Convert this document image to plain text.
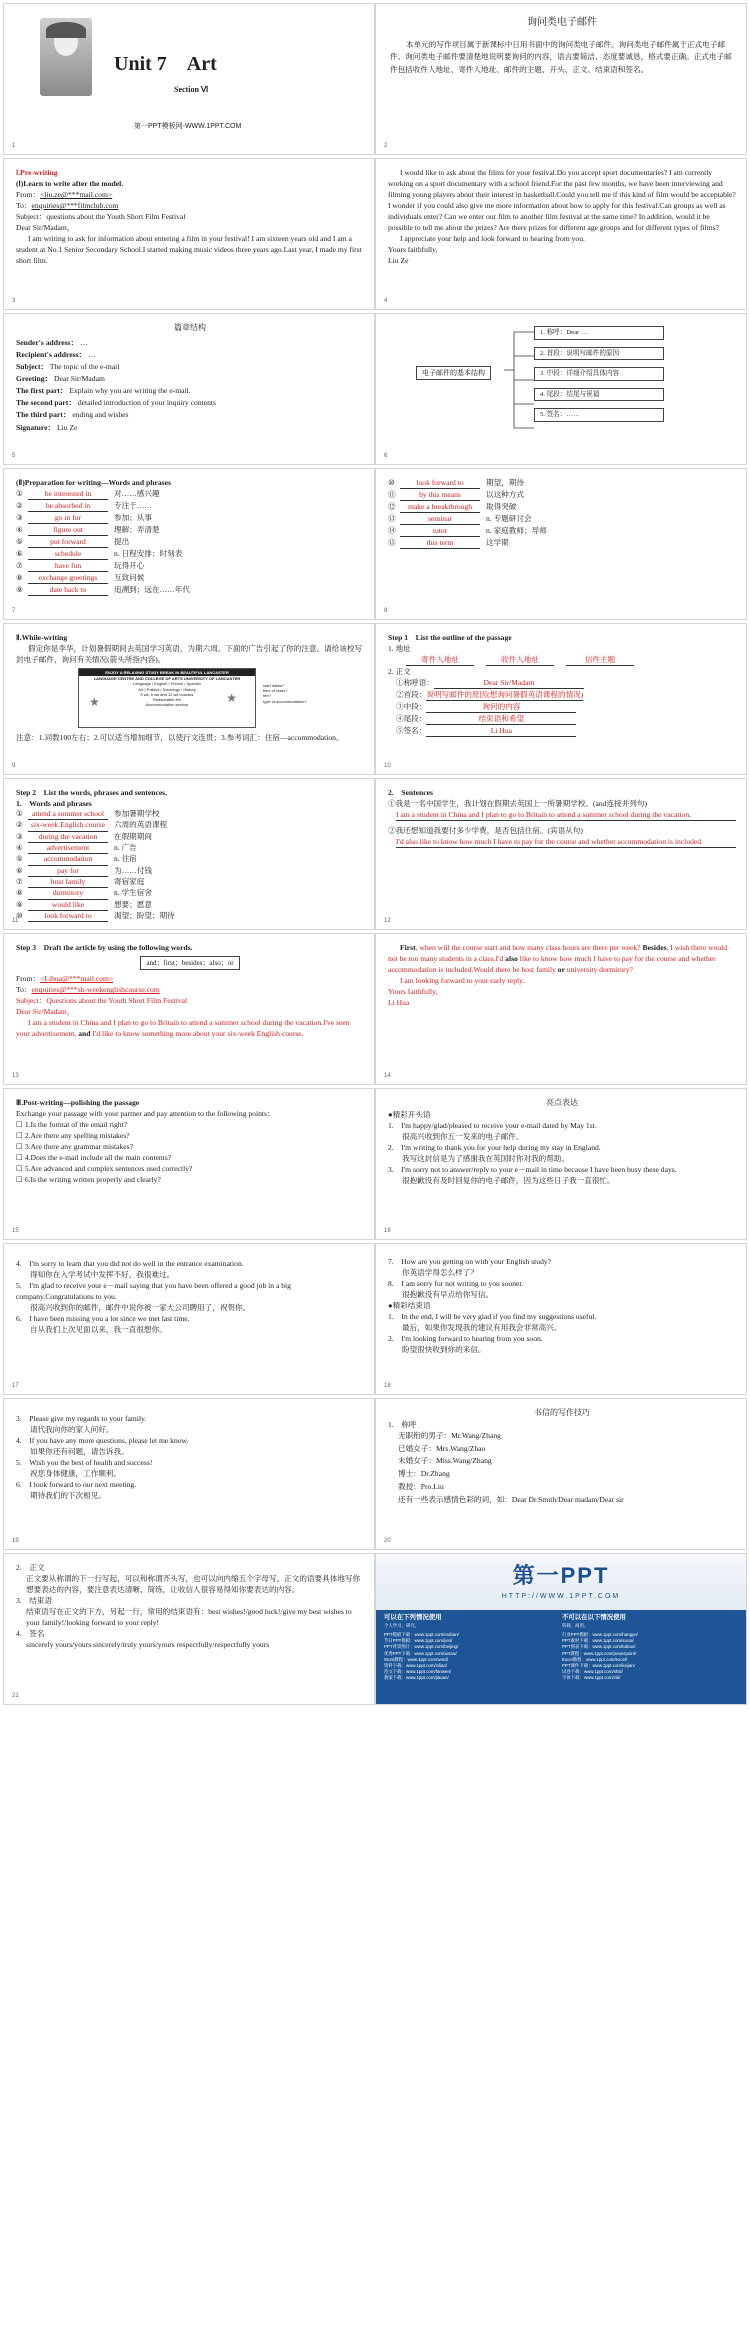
Unit 7　Art
Section Ⅵ
第一PPT模板网-WWW.1PPT.COM
1
询问类电子邮件

本单元的写作项目属于新课标中日用书面中的询问类电子邮件。询问类电子邮件属于正式电子邮件。询问类电子邮件要清楚地说明要询问的内容，语言要简洁、态度要诚恳，格式要正确。正式电子邮件包括收件人地址、寄件人地址、邮件的主题、开头、正文、结束语和签名。

2
Ⅰ.Pre-writing
(Ⅰ)Learn to write after the model.
From：<liu.ze@***mail.com>
To：enquiries@***filmclub.com
Subject：questions about the Youth Short Film Festival
Dear Sir/Madam，

I am writing to ask for information about entering a film in your festival! I am sixteen years old and I am a student at No.1 Senior Secondary School.I started making music videos three years ago.Last year, I made my first short film.

3

I would like to ask about the films for your festival.Do you accept sport documentaries? I am currently working on a sport documentary with a school friend.For the past few months, we have been interviewing and filming young players about their interest in basketball.Could you tell me if this kind of film would be acceptable? I wonder if you could also give me more information about how to apply for this festival.Can groups as well as individuals enter? Can we enter our film to another film festival at the same time? In addition, would it be possible to tell me about the prizes? Are there prizes for different age groups and for different types of films?

I appreciate your help and look forward to hearing from you.

Yours faithfully,
Liu Ze
4
篇章结构
Sender's address： …
Recipient's address： …
Subject： The topic of the e-mail
Greeting： Dear Sir/Madam
The first part： Explain why you are writing the e-mail.
The second part： detailed introduction of your inquiry contents
The third part： ending and wishes
Signature： Liu Ze
5
电子邮件的基本结构
1. 称呼：Dear …
2. 首段：说明写邮件的原因
3. 中段：详细介绍具体内容
4. 尾段：结尾与祝福
5. 签名：……
6
(Ⅱ)Preparation for writing—Words and phrases
①	be interested in	对……感兴趣
②	be absorbed in	专注于……
③	go in for	参加；从事
④	figure out	理解；弄清楚
⑤	put forward	提出
⑥	schedule	n. 日程安排；时刻表
⑦	have fun	玩得开心
⑧	exchange greetings	互致问候
⑨	date back to	追溯到；远在……年代
7
⑩	look forward to	期望，期待
⑪	by this means	以这种方式
⑫	make a breakthrough	取得突破
⑬	seminar	n. 专题研讨会
⑭	tutor	n. 家庭教师；导师
⑮	this term	这学期
8
Ⅱ.While-writing

假定你是李华，计划暑假期间去英国学习英语，为期六周。下面的广告引起了你的注意。请给该校写封电子邮件，询问有关情况(箭头所指内容)。

ENJOY A RELAXING STUDY BREAK IN BEAUTIFUL LANCASTER
LANGUAGE CENTRE AND COLLEGE OF ARTS UNIVERSITY OF LANCASTER
Language / English / French / Spanish
Art / Politics / Sociology / History
3 wk, 6 wk and 12 wk courses
Reasonable fee
Accommodation service
★	★
start dates?
time of class?
fee?
type of accommodation?

注意：1.词数100左右；2.可以适当增加细节，以使行文连贯；3.参考词汇：住宿—accommodation。

9
Step 1　List the outline of the passage
1. 地址
寄件人地址	收件人地址	信件主题
2. 正文
①称呼语：	Dear Sir/Madam
②首段：说明写邮件的原因(想询问暑假英语课程的情况)
③中段：	询问的内容
④尾段：	结束语和希望
⑤签名：	Li Hua
10
Step 2　List the words, phrases and sentences.
1.　Words and phrases
①	attend a summer school	参加暑期学校
②	six-week English course	六周的英语课程
③	during the vacation	在假期期间
④	advertisement	n. 广告
⑤	accommodation	n. 住宿
⑥	pay for	为……付钱
⑦	host family	寄宿家庭
⑧	dormitory	n. 学生宿舍
⑨	would like	想要；愿意
⑩	look forward to	渴望；盼望；期待
11
2.　Sentences
①我是一名中国学生，我计划在假期去英国上一所暑期学校。(and连接并列句)
I am a student in China and I plan to go to Britain to attend a summer school during the vacation.
②我还想知道我要付多少学费，是否包括住宿。(宾语从句)
I'd also like to know how much I have to pay for the course and whether accommodation is included.
12
Step 3　Draft the article by using the following words.
and；first；besides；also；or
From：<Lihua@***mail.com>
To：enquiries@***sh-weekenglishcourse.com
Subject：Questions about the Youth Short Film Festival
Dear Sir/Madam，

I am a student in China and I plan to go to Britain to attend a summer school during the vacation.I've seen your advertisement, and I'd like to know something more about your six-week English course.

13

First, when will the course start and how many class hours are there per week? Besides, I wish there would not be too many students in a class.I'd also like to know how much I have to pay for the course and whether accommodation is included.Would there be host family or university dormitory?

I am looking forward to your early reply.

Yours faithfully,
Li Hua
14
Ⅲ.Post-writing—polishing the passage
Exchange your passage with your partner and pay attention to the following points：
☐ 1.Is the format of the email right?
☐ 2.Are there any spelling mistakes?
☐ 3.Are there any grammar mistakes?
☐ 4.Does the e-mail include all the main contents?
☐ 5.Are advanced and complex sentences used correctly?
☐ 6.Is the writing written properly and clearly?
15
亮点表达
●精彩开头语
1.　I'm happy/glad/pleased to receive your e-mail dated by May 1st.
很高兴收到你五一发来的电子邮件。
2.　I'm writing to thank you for your help during my stay in England.
我写这封信是为了感谢我在英国时你对我的帮助。
3.　I'm sorry not to answer/reply to your e－mail in time because I have been busy these days.
很抱歉没有及时回复你的电子邮件，因为这些日子我一直很忙。
16
4.　I'm sorry to learn that you did not do well in the entrance examination.
得知你在入学考试中发挥不好，我很难过。
5.　I'm glad to receive your e－mail saying that you have been offered a good job in a big company.Congratulations to you.
很高兴收到你的邮件，邮件中说你被一家大公司聘用了，祝贺你。
6.　I have been missing you a lot since we met last time.
自从我们上次见面以来，我一直很想你。
17
7.　How are you getting on with your English study?
你英语学得怎么样了？
8.　I am sorry for not writing to you sooner.
很抱歉没有早点给你写信。
●精彩结束语
1.　In the end, I will be very glad if you find my suggestions useful.
最后，如果你发现我的建议有用我会非常高兴。
2.　I'm looking forward to hearing from you soon.
盼望很快收到你的来信。
18
3.　Please give my regards to your family.
请代我向你的家人问好。
4.　If you have any more questions, please let me know.
如果你还有问题，请告诉我。
5.　Wish you the best of health and success!
祝您身体健康，工作顺利。
6.　I look forward to our next meeting.
期待我们的下次相见。
19
书信的写作技巧
1.　称呼
无职衔的男子：Mr.Wang/Zhang
已婚女子：Mrs.Wang/Zhao
未婚女子：Miss.Wang/Zhang
博士：Dr.Zhang
教授：Pro.Liu
还有一些表示感情色彩的词，如：Dear Dr.Smith/Dear madam/Dear sir
20
2.　正文

正文要从称谓的下一行写起，可以和称谓齐头写，也可以向内缩五个字母写。正文的语要具体地写你想要表达的内容，要注意表达清晰、简练，让收信人很容易得知你要表达的内容。

3.　结束语

结束语写在正文的下方，另起一行，常用的结束语有：best wishes!/good luck!/give my best wishes to your family!/looking forward to your reply!

4.　签名

sincerely yours/yours sincerely/truly yours/yours respectfully/respectfully yours

21
第一PPT
HTTP://WWW.1PPT.COM
可以在下列情况使用
个人学习、研究。
PPT模板下载：www.1ppt.com/moban/
节日PPT模板：www.1ppt.com/jieri/
PPT背景图片：www.1ppt.com/beijing/
优秀PPT下载：www.1ppt.com/xiazai/
Word教程：www.1ppt.com/word/
资料下载：www.1ppt.com/ziliao/
范文下载：www.1ppt.com/fanwen/
教案下载：www.1ppt.com/jiaoan/
不可以在以下情况使用
转载、商用。
行业PPT模板：www.1ppt.com/hangye/
PPT素材下载：www.1ppt.com/sucai/
PPT图表下载：www.1ppt.com/tubiao/
PPT教程：www.1ppt.com/powerpoint/
Excel教程：www.1ppt.com/excel/
PPT课件下载：www.1ppt.com/kejian/
试卷下载：www.1ppt.com/shiti/
字体下载：www.1ppt.com/ziti/
